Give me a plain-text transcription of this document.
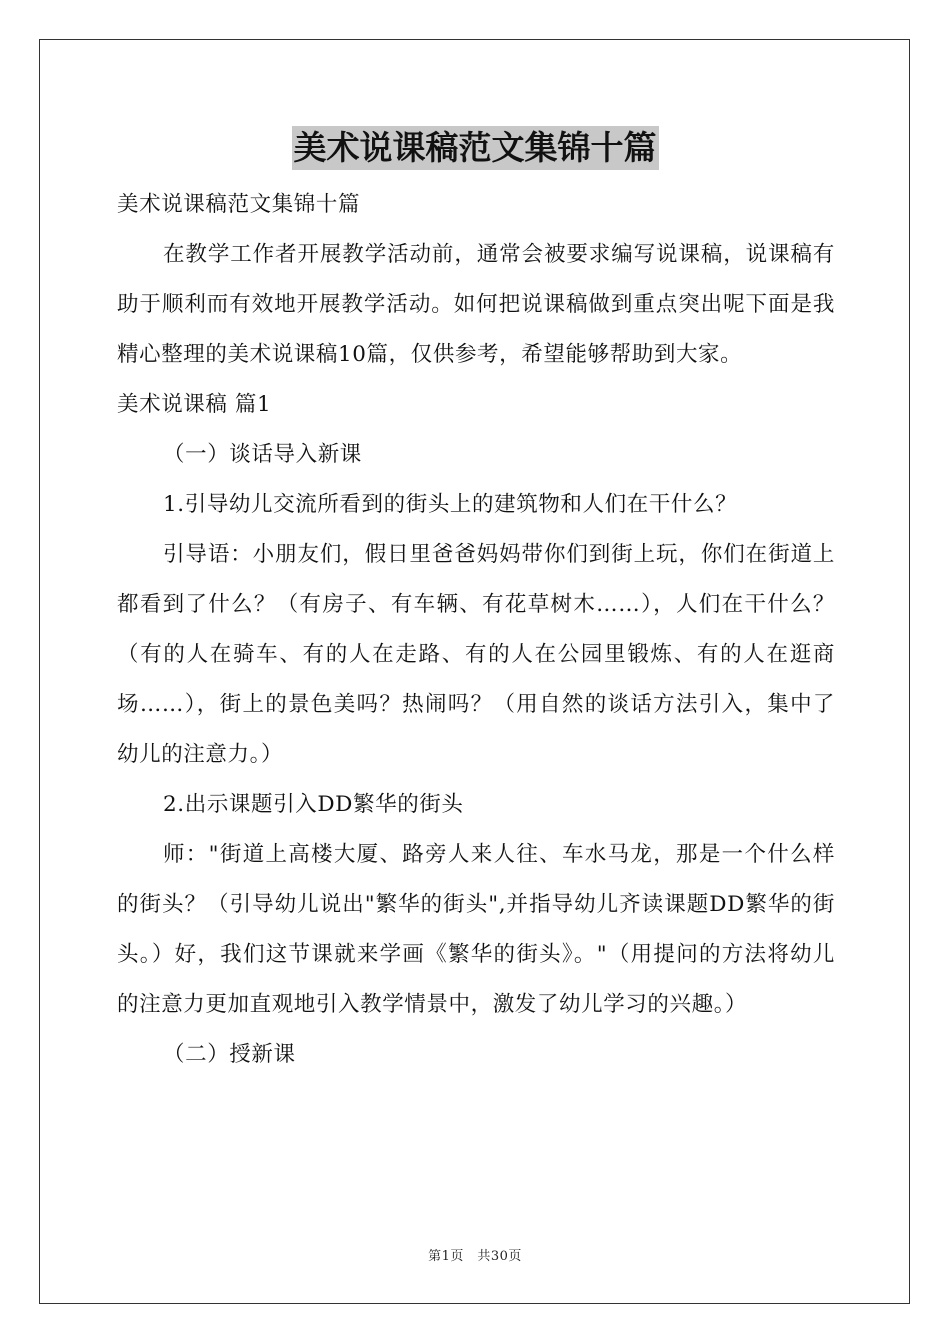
美术说课稿范文集锦十篇
美术说课稿范文集锦十篇

在教学工作者开展教学活动前，通常会被要求编写说课稿，说课稿有助于顺利而有效地开展教学活动。如何把说课稿做到重点突出呢下面是我精心整理的美术说课稿10篇，仅供参考，希望能够帮助到大家。

美术说课稿 篇1
（一）谈话导入新课
1.引导幼儿交流所看到的街头上的建筑物和人们在干什么？

引导语：小朋友们，假日里爸爸妈妈带你们到街上玩，你们在街道上都看到了什么？（有房子、有车辆、有花草树木……），人们在干什么？（有的人在骑车、有的人在走路、有的人在公园里锻炼、有的人在逛商场……），街上的景色美吗？热闹吗？（用自然的谈话方法引入，集中了幼儿的注意力。）

2.出示课题引入DD繁华的街头

师："街道上高楼大厦、路旁人来人往、车水马龙，那是一个什么样的街头？（引导幼儿说出"繁华的街头",并指导幼儿齐读课题DD繁华的街头。）好，我们这节课就来学画《繁华的街头》。"（用提问的方法将幼儿的注意力更加直观地引入教学情景中，激发了幼儿学习的兴趣。）

（二）授新课
第1页　共30页
